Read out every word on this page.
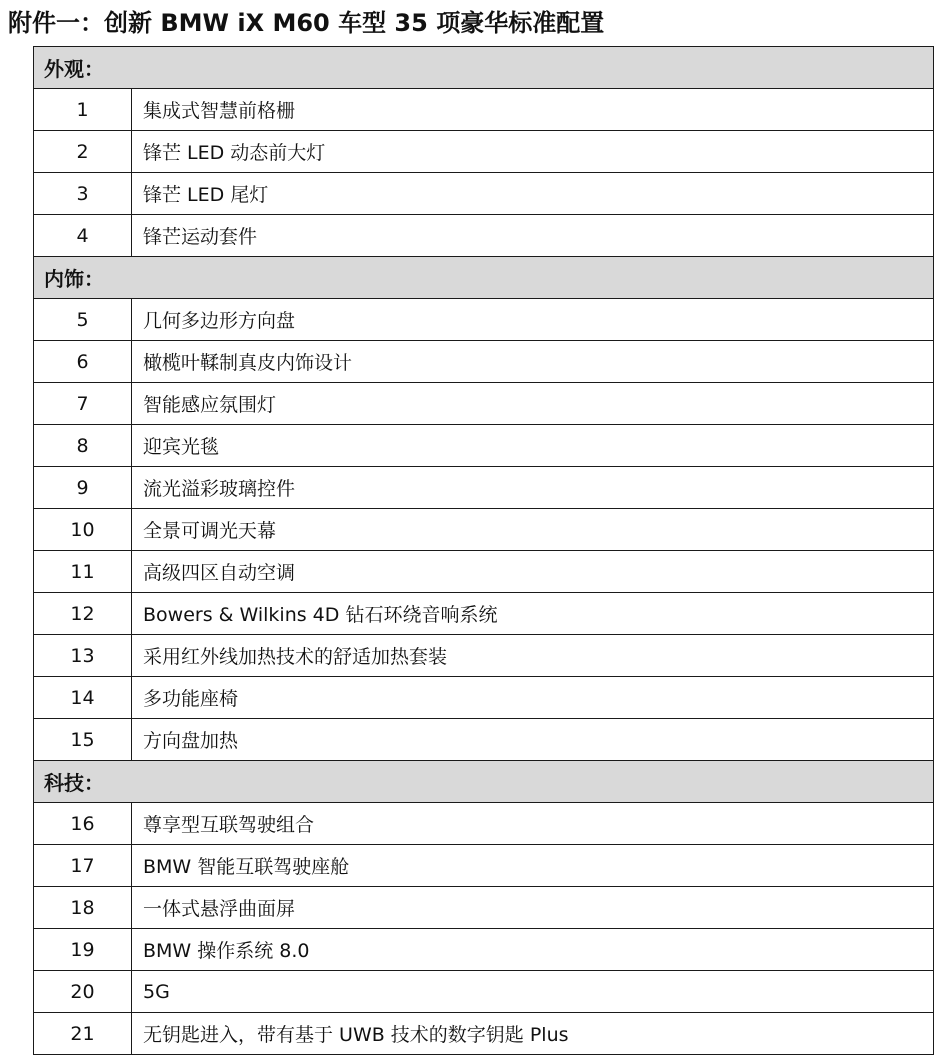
附件一：创新 BMW iX M60 车型 35 项豪华标准配置
外观：	
1	集成式智慧前格栅
2	锋芒 LED 动态前大灯
3	锋芒 LED 尾灯
4	锋芒运动套件
内饰：	
5	几何多边形方向盘
6	橄榄叶鞣制真皮内饰设计
7	智能感应氛围灯
8	迎宾光毯
9	流光溢彩玻璃控件
10	全景可调光天幕
11	高级四区自动空调
12	Bowers & Wilkins 4D 钻石环绕音响系统
13	采用红外线加热技术的舒适加热套装
14	多功能座椅
15	方向盘加热
科技：	
16	尊享型互联驾驶组合
17	BMW 智能互联驾驶座舱
18	一体式悬浮曲面屏
19	BMW 操作系统 8.0
20	5G
21	无钥匙进入，带有基于 UWB 技术的数字钥匙 Plus
